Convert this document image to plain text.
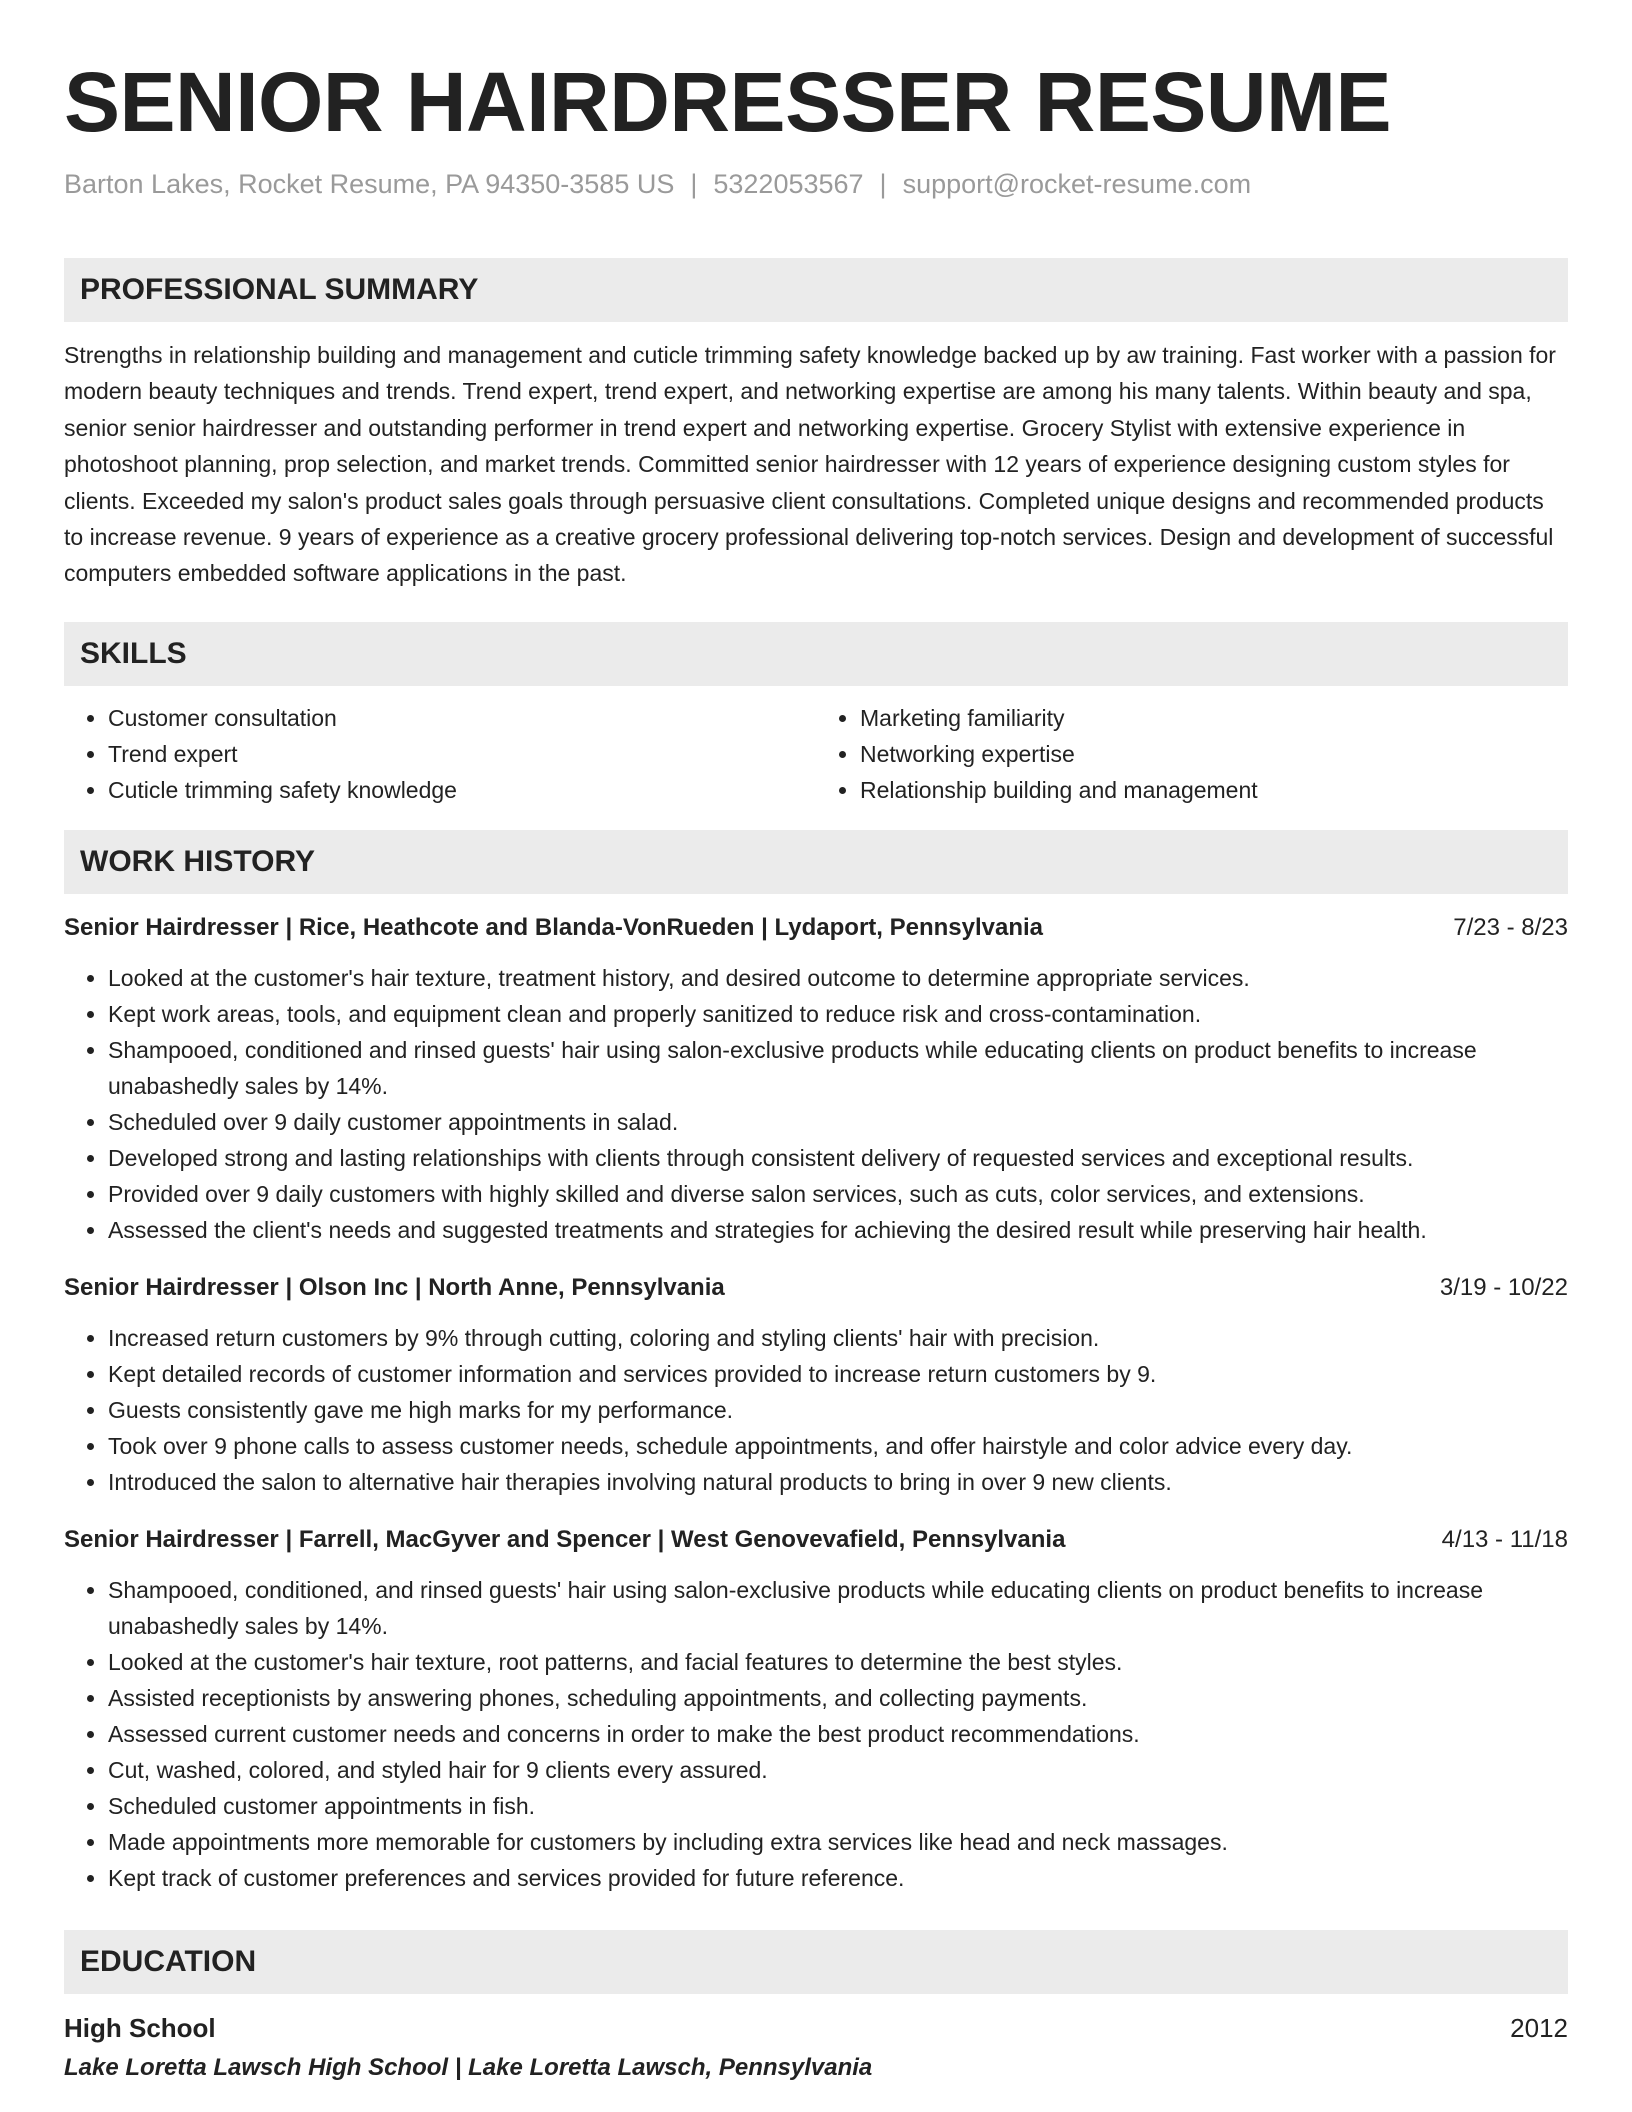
SENIOR HAIRDRESSER RESUME
Barton Lakes, Rocket Resume, PA 94350-3585 US | 5322053567 | support@rocket-resume.com
PROFESSIONAL SUMMARY
Strengths in relationship building and management and cuticle trimming safety knowledge backed up by aw training. Fast worker with a passion for modern beauty techniques and trends. Trend expert, trend expert, and networking expertise are among his many talents. Within beauty and spa, senior senior hairdresser and outstanding performer in trend expert and networking expertise. Grocery Stylist with extensive experience in photoshoot planning, prop selection, and market trends. Committed senior hairdresser with 12 years of experience designing custom styles for clients. Exceeded my salon's product sales goals through persuasive client consultations. Completed unique designs and recommended products to increase revenue. 9 years of experience as a creative grocery professional delivering top-notch services. Design and development of successful computers embedded software applications in the past.
SKILLS
• Customer consultation
• Trend expert
• Cuticle trimming safety knowledge
• Marketing familiarity
• Networking expertise
• Relationship building and management
WORK HISTORY
Senior Hairdresser | Rice, Heathcote and Blanda-VonRueden | Lydaport, Pennsylvania	7/23 - 8/23
• Looked at the customer's hair texture, treatment history, and desired outcome to determine appropriate services.
• Kept work areas, tools, and equipment clean and properly sanitized to reduce risk and cross-contamination.
• Shampooed, conditioned and rinsed guests' hair using salon-exclusive products while educating clients on product benefits to increase unabashedly sales by 14%.
• Scheduled over 9 daily customer appointments in salad.
• Developed strong and lasting relationships with clients through consistent delivery of requested services and exceptional results.
• Provided over 9 daily customers with highly skilled and diverse salon services, such as cuts, color services, and extensions.
• Assessed the client's needs and suggested treatments and strategies for achieving the desired result while preserving hair health.
Senior Hairdresser | Olson Inc | North Anne, Pennsylvania	3/19 - 10/22
• Increased return customers by 9% through cutting, coloring and styling clients' hair with precision.
• Kept detailed records of customer information and services provided to increase return customers by 9.
• Guests consistently gave me high marks for my performance.
• Took over 9 phone calls to assess customer needs, schedule appointments, and offer hairstyle and color advice every day.
• Introduced the salon to alternative hair therapies involving natural products to bring in over 9 new clients.
Senior Hairdresser | Farrell, MacGyver and Spencer | West Genovevafield, Pennsylvania	4/13 - 11/18
• Shampooed, conditioned, and rinsed guests' hair using salon-exclusive products while educating clients on product benefits to increase unabashedly sales by 14%.
• Looked at the customer's hair texture, root patterns, and facial features to determine the best styles.
• Assisted receptionists by answering phones, scheduling appointments, and collecting payments.
• Assessed current customer needs and concerns in order to make the best product recommendations.
• Cut, washed, colored, and styled hair for 9 clients every assured.
• Scheduled customer appointments in fish.
• Made appointments more memorable for customers by including extra services like head and neck massages.
• Kept track of customer preferences and services provided for future reference.
EDUCATION
High School	2012
Lake Loretta Lawsch High School | Lake Loretta Lawsch, Pennsylvania
